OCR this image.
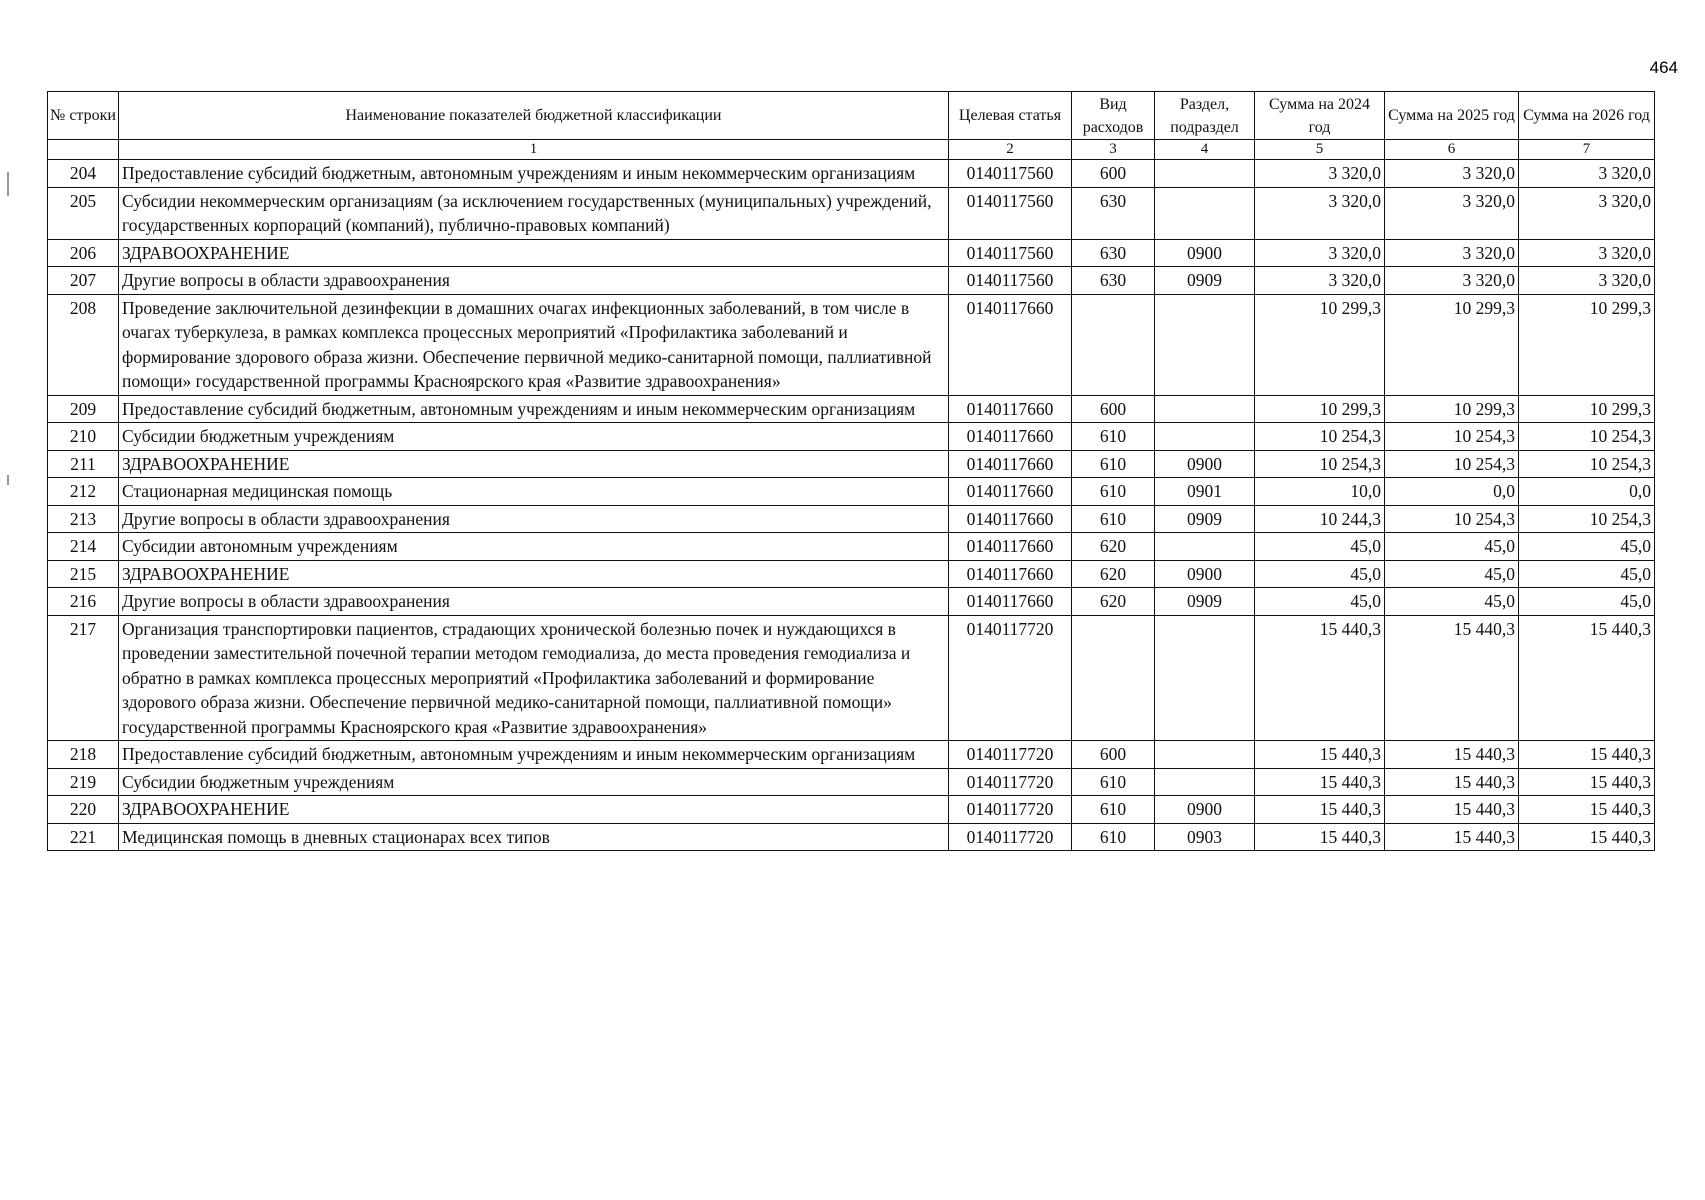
464
№ строки	Наименование показателей бюджетной классификации	Целевая статья	Вид расходов	Раздел, подраздел	Сумма на 2024 год	Сумма на 2025 год	Сумма на 2026 год
	1	2	3	4	5	6	7
204	Предоставление субсидий бюджетным, автономным учреждениям и иным некоммерческим организациям	0140117560	600		3 320,0	3 320,0	3 320,0
205	Субсидии некоммерческим организациям (за исключением государственных (муниципальных) учреждений, государственных корпораций (компаний), публично-правовых компаний)	0140117560	630		3 320,0	3 320,0	3 320,0
206	ЗДРАВООХРАНЕНИЕ	0140117560	630	0900	3 320,0	3 320,0	3 320,0
207	Другие вопросы в области здравоохранения	0140117560	630	0909	3 320,0	3 320,0	3 320,0
208	Проведение заключительной дезинфекции в домашних очагах инфекционных заболеваний, в том числе в очагах туберкулеза, в рамках комплекса процессных мероприятий «Профилактика заболеваний и формирование здорового образа жизни. Обеспечение первичной медико-санитарной помощи, паллиативной помощи» государственной программы Красноярского края «Развитие здравоохранения»	0140117660			10 299,3	10 299,3	10 299,3
209	Предоставление субсидий бюджетным, автономным учреждениям и иным некоммерческим организациям	0140117660	600		10 299,3	10 299,3	10 299,3
210	Субсидии бюджетным учреждениям	0140117660	610		10 254,3	10 254,3	10 254,3
211	ЗДРАВООХРАНЕНИЕ	0140117660	610	0900	10 254,3	10 254,3	10 254,3
212	Стационарная медицинская помощь	0140117660	610	0901	10,0	0,0	0,0
213	Другие вопросы в области здравоохранения	0140117660	610	0909	10 244,3	10 254,3	10 254,3
214	Субсидии автономным учреждениям	0140117660	620		45,0	45,0	45,0
215	ЗДРАВООХРАНЕНИЕ	0140117660	620	0900	45,0	45,0	45,0
216	Другие вопросы в области здравоохранения	0140117660	620	0909	45,0	45,0	45,0
217	Организация транспортировки пациентов, страдающих хронической болезнью почек и нуждающихся в проведении заместительной почечной терапии методом гемодиализа, до места проведения гемодиализа и обратно в рамках комплекса процессных мероприятий «Профилактика заболеваний и формирование здорового образа жизни. Обеспечение первичной медико-санитарной помощи, паллиативной помощи» государственной программы Красноярского края «Развитие здравоохранения»	0140117720			15 440,3	15 440,3	15 440,3
218	Предоставление субсидий бюджетным, автономным учреждениям и иным некоммерческим организациям	0140117720	600		15 440,3	15 440,3	15 440,3
219	Субсидии бюджетным учреждениям	0140117720	610		15 440,3	15 440,3	15 440,3
220	ЗДРАВООХРАНЕНИЕ	0140117720	610	0900	15 440,3	15 440,3	15 440,3
221	Медицинская помощь в дневных стационарах всех типов	0140117720	610	0903	15 440,3	15 440,3	15 440,3
